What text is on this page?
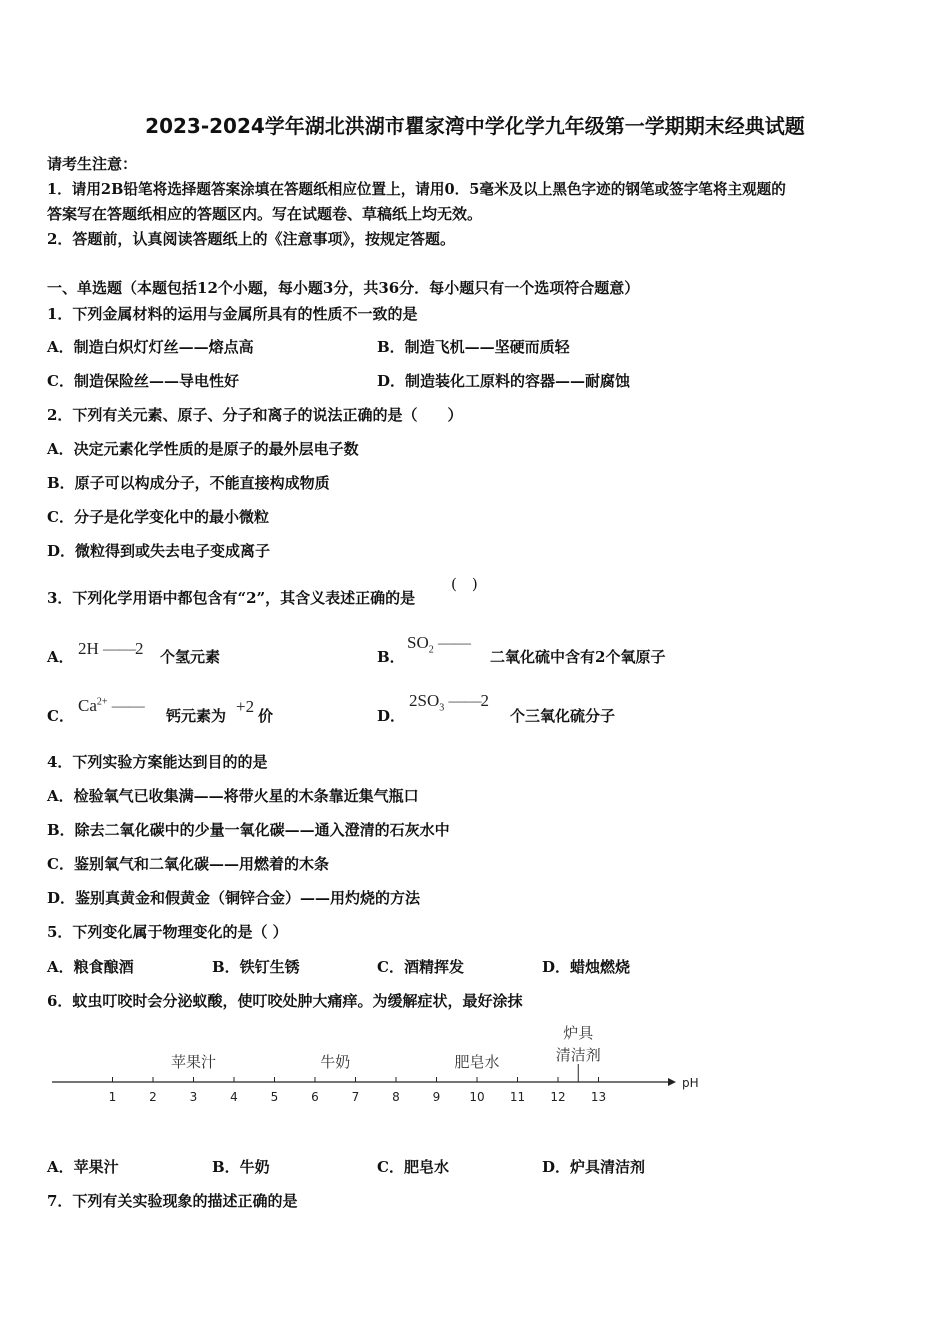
2023-2024学年湖北洪湖市瞿家湾中学化学九年级第一学期期末经典试题
请考生注意：
1．请用2B铅笔将选择题答案涂填在答题纸相应位置上，请用0．5毫米及以上黑色字迹的钢笔或签字笔将主观题的
答案写在答题纸相应的答题区内。写在试题卷、草稿纸上均无效。
2．答题前，认真阅读答题纸上的《注意事项》，按规定答题。
一、单选题（本题包括12个小题，每小题3分，共36分．每小题只有一个选项符合题意）
1．下列金属材料的运用与金属所具有的性质不一致的是
A．制造白炽灯灯丝——熔点高	B．制造飞机——坚硬而质轻
C．制造保险丝——导电性好	D．制造装化工原料的容器——耐腐蚀
2．下列有关元素、原子、分子和离子的说法正确的是（　　）
A．决定元素化学性质的是原子的最外层电子数
B．原子可以构成分子，不能直接构成物质
C．分子是化学变化中的最小微粒
D．微粒得到或失去电子变成离子
3．下列化学用语中都包含有“2”，其含义表述正确的是
(　)
A． 2H ——2 个氢元素	B．
$SO_2$ ——
二氧化硫中含有2个氧原子
C．
$Ca^{2+}$ ——
钙元素为 +2 价	D．
$2SO_3$ ——2
个三氧化硫分子
4．下列实验方案能达到目的的是
A．检验氧气已收集满——将带火星的木条靠近集气瓶口
B．除去二氧化碳中的少量一氧化碳——通入澄清的石灰水中
C．鉴别氧气和二氧化碳——用燃着的木条
D．鉴别真黄金和假黄金（铜锌合金）——用灼烧的方法
5．下列变化属于物理变化的是（ ）
A．粮食酿酒	B．铁钉生锈	C．酒精挥发	D．蜡烛燃烧
6．蚊虫叮咬时会分泌蚁酸，使叮咬处肿大痛痒。为缓解症状，最好涂抹
pH
1	2	3	4	5	6	7	8	9 10 11 12 13
苹果汁	牛奶	肥皂水
炉具
清洁剂
A．苹果汁	B．牛奶	C．肥皂水	D．炉具清洁剂
7．下列有关实验现象的描述正确的是
